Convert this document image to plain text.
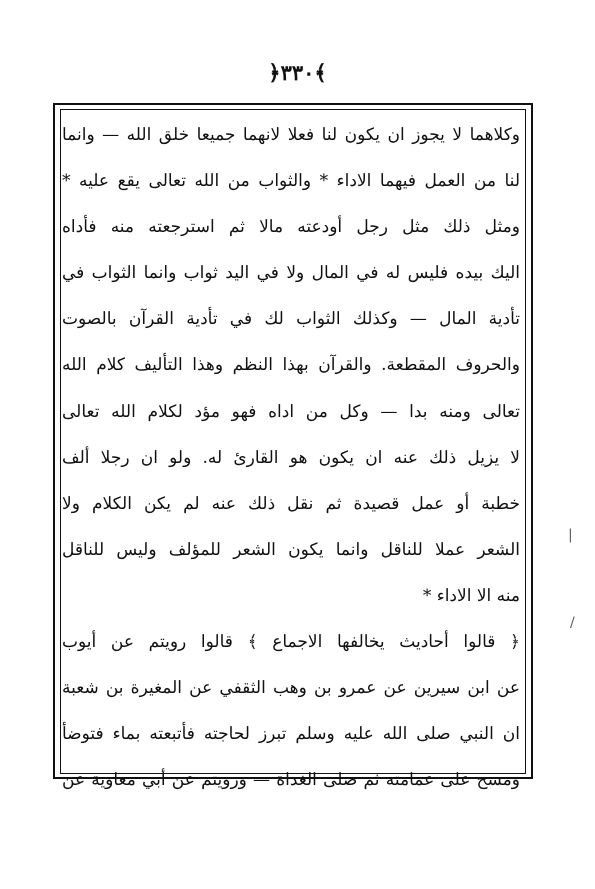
﴿٣٣٠﴾
وكلاهما لا يجوز ان يكون لنا فعلا لانهما جميعا خلق الله — وانما
لنا من العمل فيهما الاداء * والثواب من الله تعالى يقع عليه *
ومثل ذلك مثل رجل أودعته مالا ثم استرجعته منه فأداه
اليك بيده فليس له في المال ولا في اليد ثواب وانما الثواب في
تأدية المال — وكذلك الثواب لك في تأدية القرآن بالصوت
والحروف المقطعة. والقرآن بهذا النظم وهذا التأليف كلام الله
تعالى ومنه بدا — وكل من اداه فهو مؤد لكلام الله تعالى
لا يزيل ذلك عنه ان يكون هو القارئ له. ولو ان رجلا ألف
خطبة أو عمل قصيدة ثم نقل ذلك عنه لم يكن الكلام ولا
الشعر عملا للناقل وانما يكون الشعر للمؤلف وليس للناقل
منه الا الاداء *
﴿ قالوا أحاديث يخالفها الاجماع ﴾ قالوا رويتم عن أيوب
عن ابن سيرين عن عمرو بن وهب الثقفي عن المغيرة بن شعبة
ان النبي صلى الله عليه وسلم تبرز لحاجته فأتبعته بماء فتوضأ
ومسح على عمامته ثم صلى الغداة — ورويتم عن أبي معاوية عن
|
/
